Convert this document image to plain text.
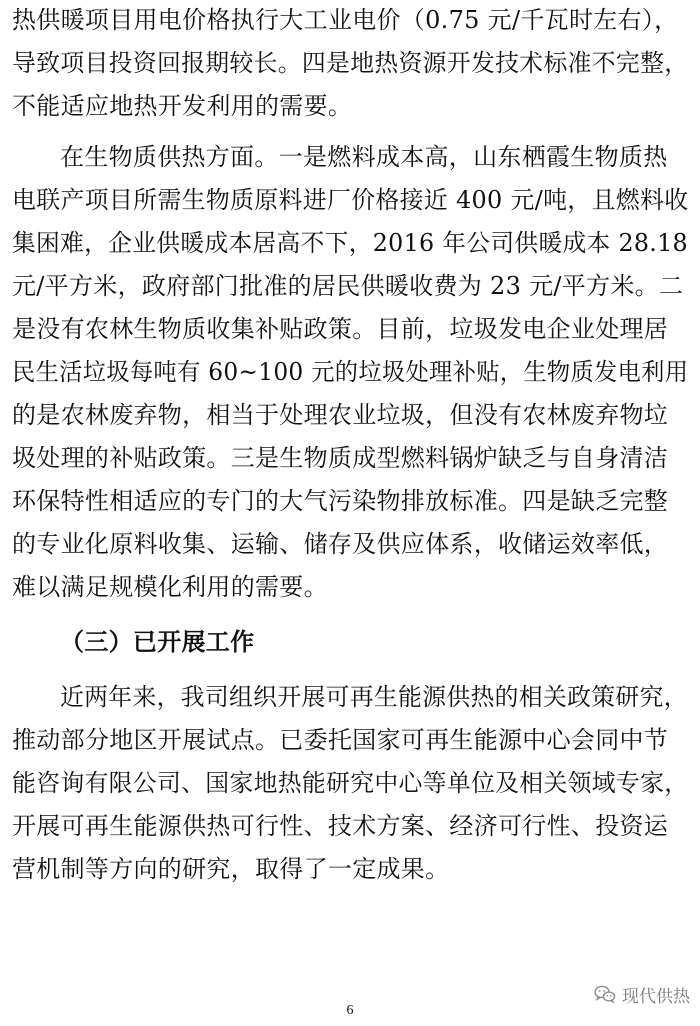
热供暖项目用电价格执行大工业电价（0.75 元/千瓦时左右），
导致项目投资回报期较长。四是地热资源开发技术标准不完整，
不能适应地热开发利用的需要。
在生物质供热方面。一是燃料成本高，山东栖霞生物质热
电联产项目所需生物质原料进厂价格接近 400 元/吨，且燃料收
集困难，企业供暖成本居高不下，2016 年公司供暖成本 28.18
元/平方米，政府部门批准的居民供暖收费为 23 元/平方米。二
是没有农林生物质收集补贴政策。目前，垃圾发电企业处理居
民生活垃圾每吨有 60~100 元的垃圾处理补贴，生物质发电利用
的是农林废弃物，相当于处理农业垃圾，但没有农林废弃物垃
圾处理的补贴政策。三是生物质成型燃料锅炉缺乏与自身清洁
环保特性相适应的专门的大气污染物排放标准。四是缺乏完整
的专业化原料收集、运输、储存及供应体系，收储运效率低，
难以满足规模化利用的需要。
（三）已开展工作
近两年来，我司组织开展可再生能源供热的相关政策研究，
推动部分地区开展试点。已委托国家可再生能源中心会同中节
能咨询有限公司、国家地热能研究中心等单位及相关领域专家，
开展可再生能源供热可行性、技术方案、经济可行性、投资运
营机制等方向的研究，取得了一定成果。
6
现代供热
